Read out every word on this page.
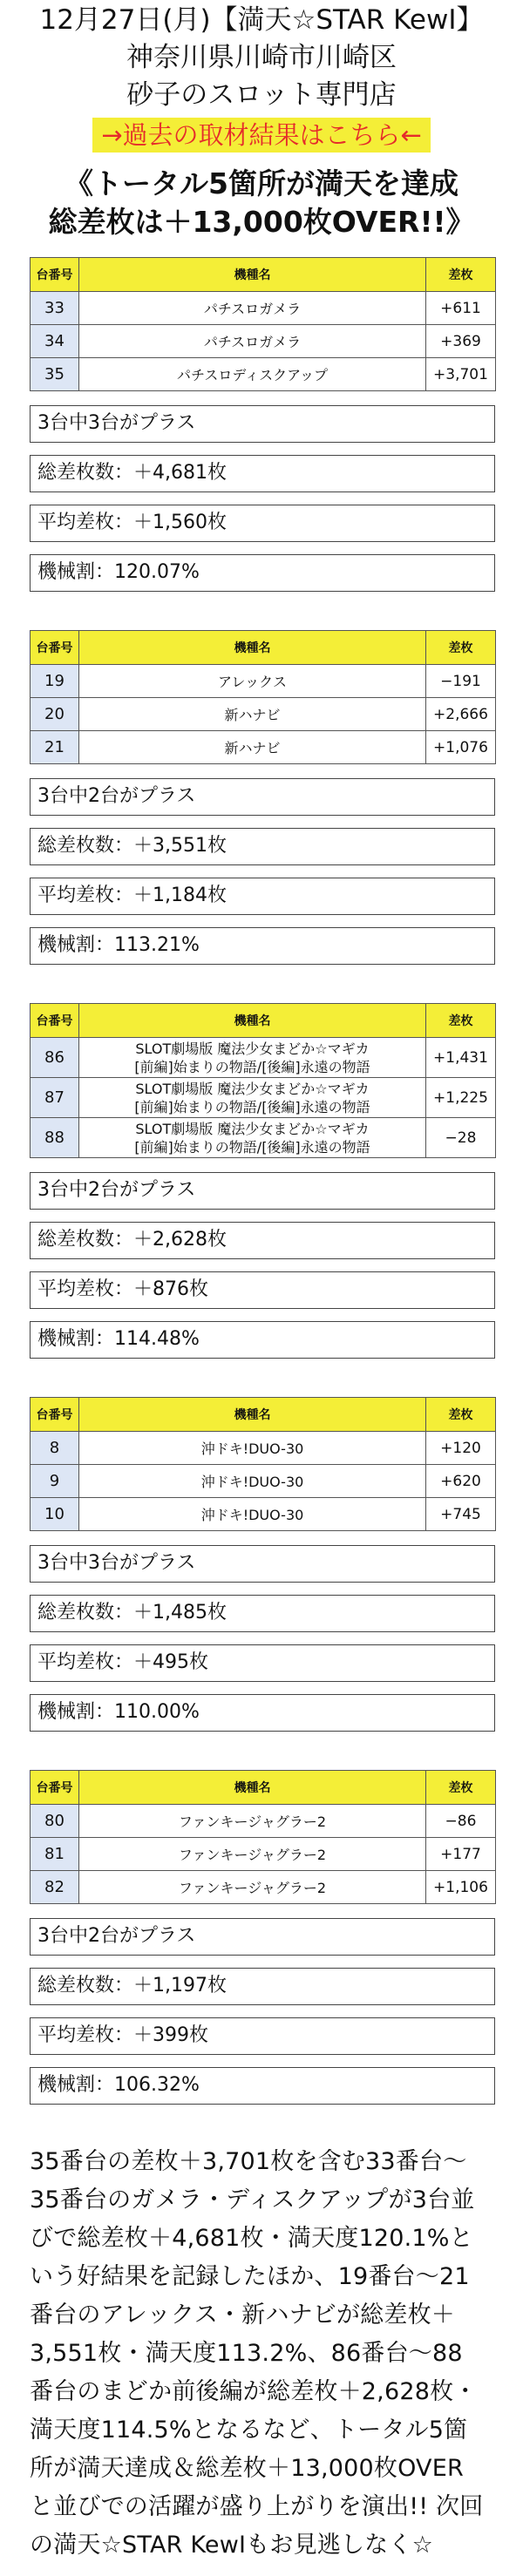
12月27日(月)【満天☆STAR KewI】
神奈川県川崎市川崎区
砂子のスロット専門店
→過去の取材結果はこちら←
《トータル5箇所が満天を達成
総差枚は＋13,000枚OVER!!》
台番号	機種名	差枚
33	パチスロガメラ	+611
34	パチスロガメラ	+369
35	パチスロディスクアップ	+3,701
3台中3台がプラス
総差枚数：＋4,681枚
平均差枚：＋1,560枚
機械割：120.07%
台番号	機種名	差枚
19	アレックス	−191
20	新ハナビ	+2,666
21	新ハナビ	+1,076
3台中2台がプラス
総差枚数：＋3,551枚
平均差枚：＋1,184枚
機械割：113.21%
台番号	機種名	差枚
86	SLOT劇場版 魔法少女まどか☆マギカ
[前編]始まりの物語/[後編]永遠の物語	+1,431
87	SLOT劇場版 魔法少女まどか☆マギカ
[前編]始まりの物語/[後編]永遠の物語	+1,225
88	SLOT劇場版 魔法少女まどか☆マギカ
[前編]始まりの物語/[後編]永遠の物語	−28
3台中2台がプラス
総差枚数：＋2,628枚
平均差枚：＋876枚
機械割：114.48%
台番号	機種名	差枚
8	沖ドキ!DUO-30	+120
9	沖ドキ!DUO-30	+620
10	沖ドキ!DUO-30	+745
3台中3台がプラス
総差枚数：＋1,485枚
平均差枚：＋495枚
機械割：110.00%
台番号	機種名	差枚
80	ファンキージャグラー2	−86
81	ファンキージャグラー2	+177
82	ファンキージャグラー2	+1,106
3台中2台がプラス
総差枚数：＋1,197枚
平均差枚：＋399枚
機械割：106.32%
35番台の差枚＋3,701枚を含む33番台〜
35番台のガメラ・ディスクアップが3台並
びで総差枚＋4,681枚・満天度120.1%と
いう好結果を記録したほか、19番台〜21
番台のアレックス・新ハナビが総差枚＋
3,551枚・満天度113.2%、86番台〜88
番台のまどか前後編が総差枚＋2,628枚・
満天度114.5%となるなど、トータル5箇
所が満天達成＆総差枚＋13,000枚OVER
と並びでの活躍が盛り上がりを演出!! 次回
の満天☆STAR KewIもお見逃しなく☆
